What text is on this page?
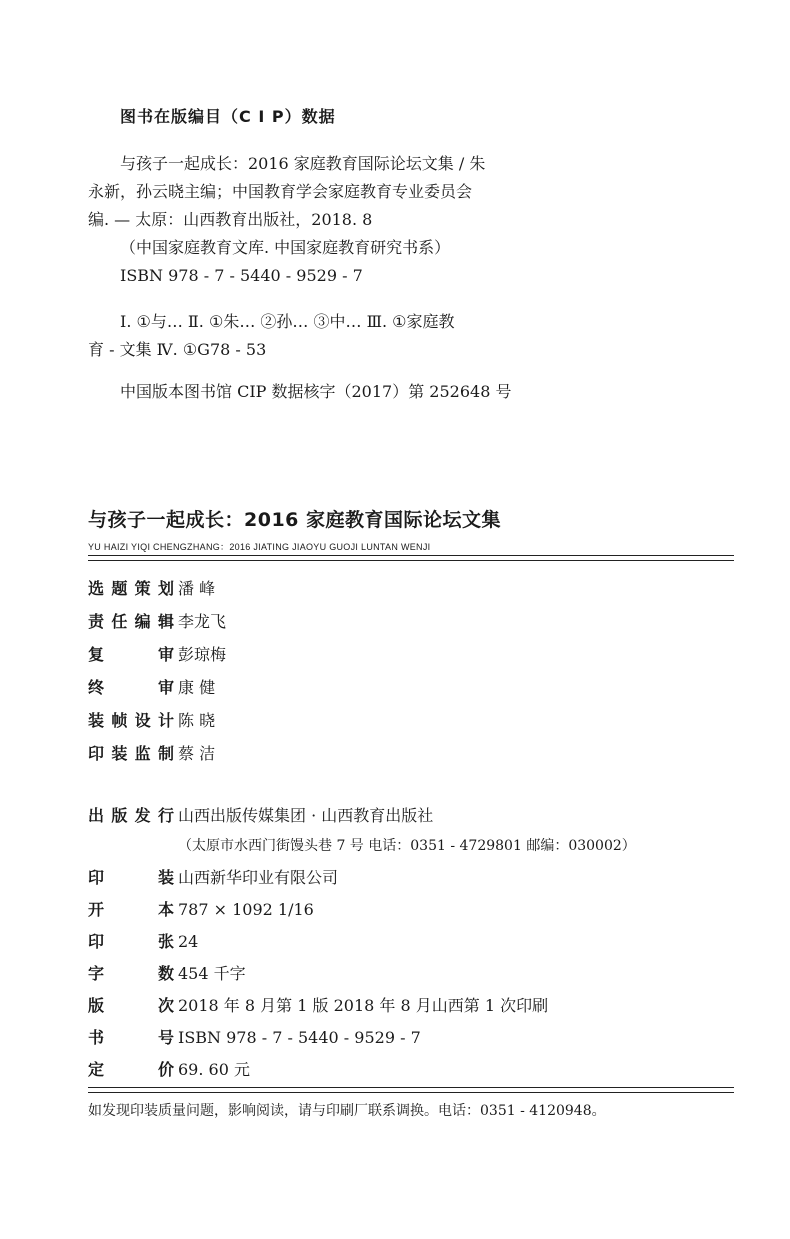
图书在版编目（C I P）数据
与孩子一起成长：2016 家庭教育国际论坛文集 / 朱
永新，孙云晓主编；中国教育学会家庭教育专业委员会
编. — 太原：山西教育出版社，2018. 8
（中国家庭教育文库. 中国家庭教育研究书系）
ISBN 978 - 7 - 5440 - 9529 - 7
Ⅰ. ①与… Ⅱ. ①朱… ②孙… ③中… Ⅲ. ①家庭教
育 - 文集 Ⅳ. ①G78 - 53
中国版本图书馆 CIP 数据核字（2017）第 252648 号
与孩子一起成长：2016 家庭教育国际论坛文集
YU HAIZI YIQI CHENGZHANG：2016 JIATING JIAOYU GUOJI LUNTAN WENJI
选 题 策 划 潘 峰
责 任 编 辑 李龙飞
复	审 彭琼梅
终	审 康 健
装 帧 设 计 陈 晓
印 装 监 制 蔡 洁
出 版 发 行 山西出版传媒集团 · 山西教育出版社
（太原市水西门街馒头巷 7 号 电话：0351 - 4729801 邮编：030002）
印	装 山西新华印业有限公司
开	本 787 × 1092 1/16
印	张 24
字	数 454 千字
版	次 2018 年 8 月第 1 版 2018 年 8 月山西第 1 次印刷
书	号 ISBN 978 - 7 - 5440 - 9529 - 7
定	价 69. 60 元
如发现印装质量问题，影响阅读，请与印刷厂联系调换。电话：0351 - 4120948。
